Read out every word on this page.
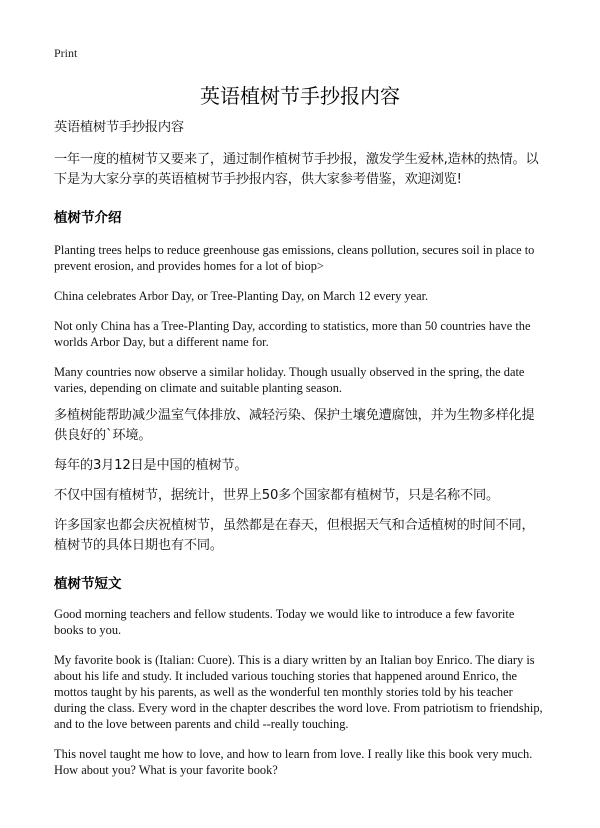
Print
英语植树节手抄报内容

英语植树节手抄报内容

一年一度的植树节又要来了，通过制作植树节手抄报，激发学生爱林,造林的热情。以下是为大家分享的英语植树节手抄报内容，供大家参考借鉴，欢迎浏览!

植树节介绍

Planting trees helps to reduce greenhouse gas emissions, cleans pollution, secures soil in place to prevent erosion, and provides homes for a lot of biop>

China celebrates Arbor Day, or Tree-Planting Day, on March 12 every year.

Not only China has a Tree-Planting Day, according to statistics, more than 50 countries have the worlds Arbor Day, but a different name for.

Many countries now observe a similar holiday. Though usually observed in the spring, the date varies, depending on climate and suitable planting season.

多植树能帮助减少温室气体排放、减轻污染、保护土壤免遭腐蚀，并为生物多样化提供良好的`环境。

每年的3月12日是中国的植树节。

不仅中国有植树节，据统计，世界上50多个国家都有植树节，只是名称不同。

许多国家也都会庆祝植树节，虽然都是在春天，但根据天气和合适植树的时间不同，植树节的具体日期也有不同。

植树节短文

Good morning teachers and fellow students. Today we would like to introduce a few favorite books to you.

My favorite book is (Italian: Cuore). This is a diary written by an Italian boy Enrico. The diary is about his life and study. It included various touching stories that happened around Enrico, the mottos taught by his parents, as well as the wonderful ten monthly stories told by his teacher during the class. Every word in the chapter describes the word love. From patriotism to friendship, and to the love between parents and child --really touching.

This novel taught me how to love, and how to learn from love. I really like this book very much. How about you? What is your favorite book?
